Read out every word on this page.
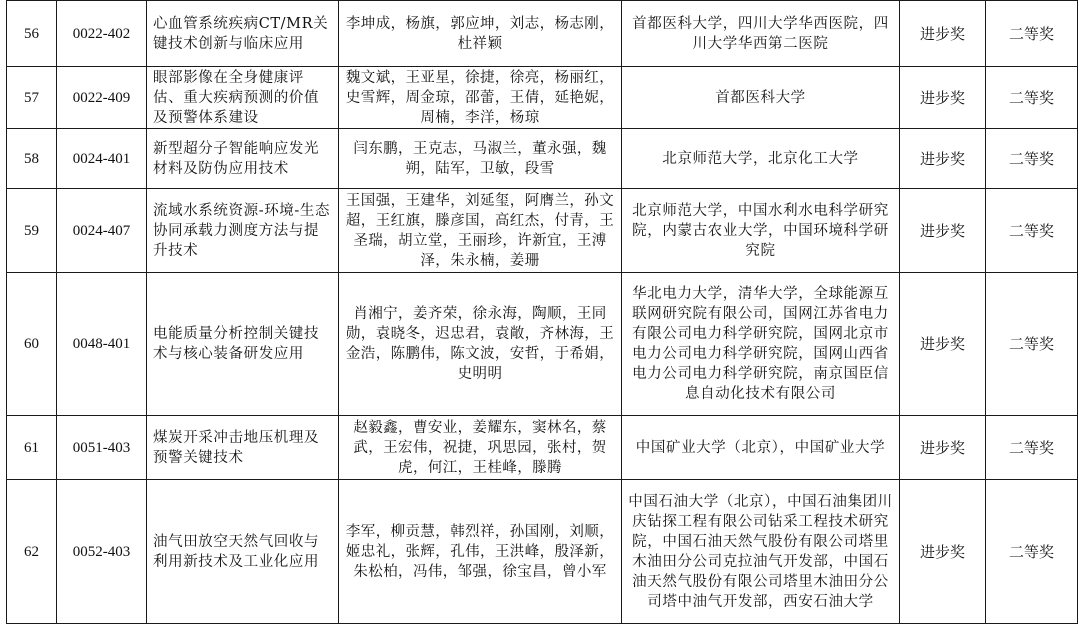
56	0022-402	心血管系统疾病CT/MR关键技术创新与临床应用	李坤成，杨旗，郭应坤，刘志，杨志刚，杜祥颖	首都医科大学，四川大学华西医院，四川大学华西第二医院	进步奖	二等奖
57	0022-409	眼部影像在全身健康评估、重大疾病预测的价值及预警体系建设	魏文斌，王亚星，徐捷，徐亮，杨丽红，史雪辉，周金琼，邵蕾，王倩，延艳妮，周楠，李洋，杨琼	首都医科大学	进步奖	二等奖
58	0024-401	新型超分子智能响应发光材料及防伪应用技术	闫东鹏，王克志，马淑兰，董永强，魏朔，陆军，卫敏，段雪	北京师范大学，北京化工大学	进步奖	二等奖
59	0024-407	流域水系统资源-环境-生态协同承载力测度方法与提升技术	王国强，王建华，刘延玺，阿膺兰，孙文超，王红旗，滕彦国，高红杰，付青，王圣瑞，胡立堂，王丽珍，许新宜，王溥泽，朱永楠，姜珊	北京师范大学，中国水利水电科学研究院，内蒙古农业大学，中国环境科学研究院	进步奖	二等奖
60	0048-401	电能质量分析控制关键技术与核心装备研发应用	肖湘宁，姜齐荣，徐永海，陶顺，王同勋，袁晓冬，迟忠君，袁敞，齐林海，王金浩，陈鹏伟，陈文波，安哲，于希娟，史明明	华北电力大学，清华大学，全球能源互联网研究院有限公司，国网江苏省电力有限公司电力科学研究院，国网北京市电力公司电力科学研究院，国网山西省电力公司电力科学研究院，南京国臣信息自动化技术有限公司	进步奖	二等奖
61	0051-403	煤炭开采冲击地压机理及预警关键技术	赵毅鑫，曹安业，姜耀东，窦林名，蔡武，王宏伟，祝捷，巩思园，张村，贺虎，何江，王桂峰，滕腾	中国矿业大学（北京），中国矿业大学	进步奖	二等奖
62	0052-403	油气田放空天然气回收与利用新技术及工业化应用	李军，柳贡慧，韩烈祥，孙国刚，刘顺，姬忠礼，张辉，孔伟，王洪峰，殷泽新，朱松柏，冯伟，邹强，徐宝昌，曾小军	中国石油大学（北京），中国石油集团川庆钻探工程有限公司钻采工程技术研究院，中国石油天然气股份有限公司塔里木油田分公司克拉油气开发部，中国石油天然气股份有限公司塔里木油田分公司塔中油气开发部，西安石油大学	进步奖	二等奖
